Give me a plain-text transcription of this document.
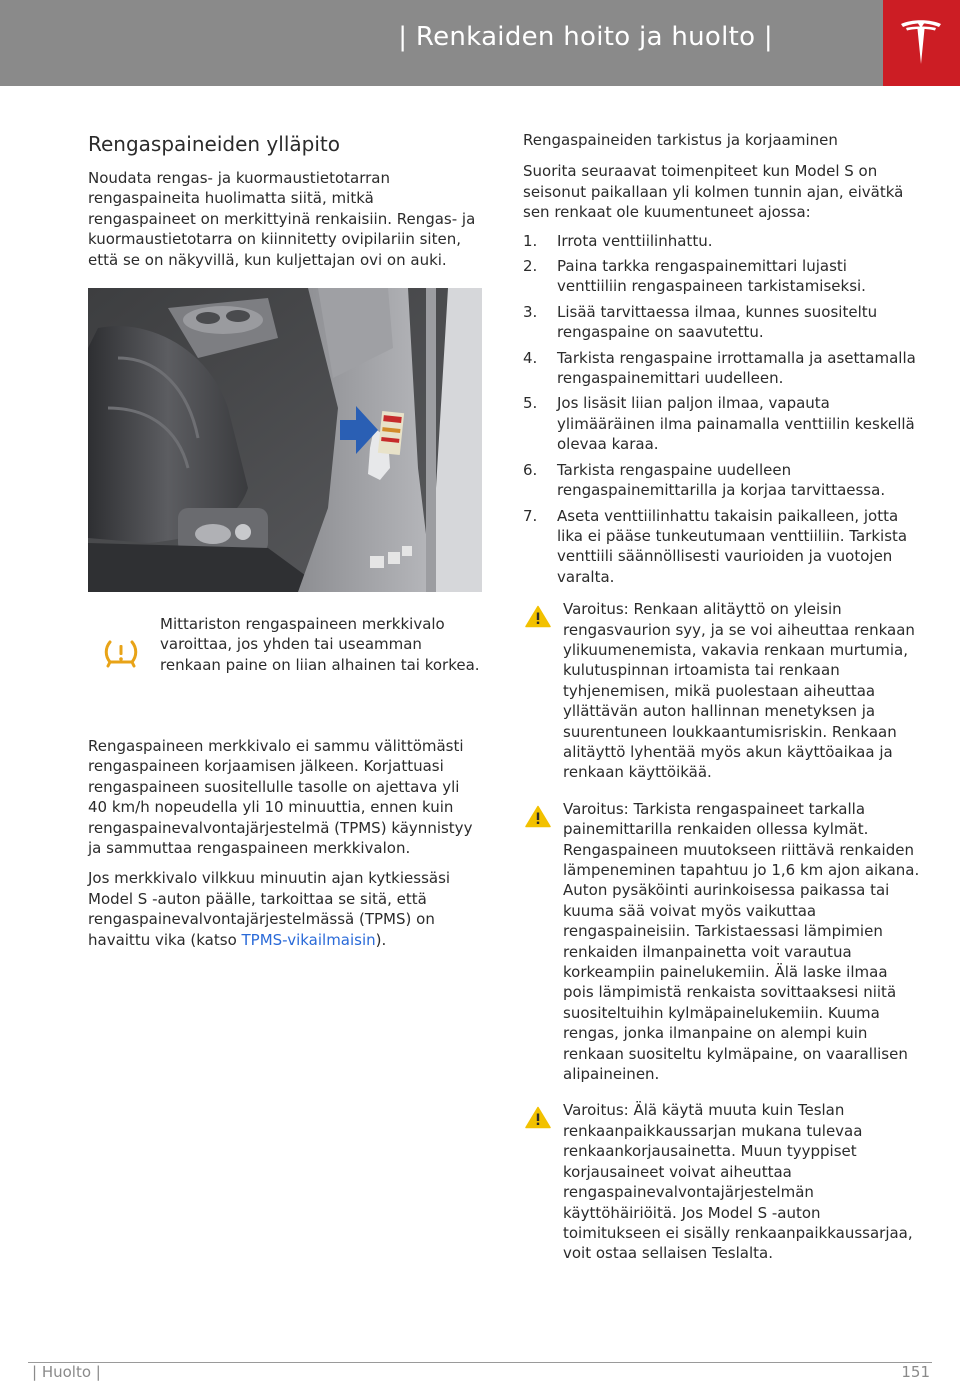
| Renkaiden hoito ja huolto |
Rengaspaineiden ylläpito

Noudata rengas- ja kuormaustietotarran rengaspaineita huolimatta siitä, mitkä rengaspaineet on merkittyinä renkaisiin. Rengas- ja kuormaustietotarra on kiinnitetty ovipilariin siten, että se on näkyvillä, kun kuljettajan ovi on auki.

Mittariston rengaspaineen merkkivalo varoittaa, jos yhden tai useamman renkaan paine on liian alhainen tai korkea.

Rengaspaineen merkkivalo ei sammu välittömästi rengaspaineen korjaamisen jälkeen. Korjattuasi rengaspaineen suositellulle tasolle on ajettava yli 40 km/h nopeudella yli 10 minuuttia, ennen kuin rengaspainevalvontajärjestelmä (TPMS) käynnistyy ja sammuttaa rengaspaineen merkkivalon.

Jos merkkivalo vilkkuu minuutin ajan kytkiessäsi Model S -auton päälle, tarkoittaa se sitä, että rengaspainevalvontajärjestelmässä (TPMS) on havaittu vika (katso TPMS-vikailmaisin).

Rengaspaineiden tarkistus ja korjaaminen

Suorita seuraavat toimenpiteet kun Model S on seisonut paikallaan yli kolmen tunnin ajan, eivätkä sen renkaat ole kuumentuneet ajossa:

1. Irrota venttiilinhattu.
2. Paina tarkka rengaspainemittari lujasti venttiiliin rengaspaineen tarkistamiseksi.
3. Lisää tarvittaessa ilmaa, kunnes suositeltu rengaspaine on saavutettu.
4. Tarkista rengaspaine irrottamalla ja asettamalla rengaspainemittari uudelleen.
5. Jos lisäsit liian paljon ilmaa, vapauta ylimääräinen ilma painamalla venttiilin keskellä olevaa karaa.
6. Tarkista rengaspaine uudelleen rengaspainemittarilla ja korjaa tarvittaessa.
7. Aseta venttiilinhattu takaisin paikalleen, jotta lika ei pääse tunkeutumaan venttiiliin. Tarkista venttiili säännöllisesti vaurioiden ja vuotojen varalta.
Varoitus: Renkaan alitäyttö on yleisin rengasvaurion syy, ja se voi aiheuttaa renkaan ylikuumenemista, vakavia renkaan murtumia, kulutuspinnan irtoamista tai renkaan tyhjenemisen, mikä puolestaan aiheuttaa yllättävän auton hallinnan menetyksen ja suurentuneen loukkaantumisriskin. Renkaan alitäyttö lyhentää myös akun käyttöaikaa ja renkaan käyttöikää.
Varoitus: Tarkista rengaspaineet tarkalla painemittarilla renkaiden ollessa kylmät. Rengaspaineen muutokseen riittävä renkaiden lämpeneminen tapahtuu jo 1,6 km ajon aikana. Auton pysäköinti aurinkoisessa paikassa tai kuuma sää voivat myös vaikuttaa rengaspaineisiin. Tarkistaessasi lämpimien renkaiden ilmanpainetta voit varautua korkeampiin painelukemiin. Älä laske ilmaa pois lämpimistä renkaista sovittaaksesi niitä suositeltuihin kylmäpainelukemiin. Kuuma rengas, jonka ilmanpaine on alempi kuin renkaan suositeltu kylmäpaine, on vaarallisen alipaineinen.
Varoitus: Älä käytä muuta kuin Teslan renkaanpaikkaussarjan mukana tulevaa renkaankorjausainetta. Muun tyyppiset korjausaineet voivat aiheuttaa rengaspainevalvontajärjestelmän käyttöhäiriöitä. Jos Model S -auton toimitukseen ei sisälly renkaanpaikkaussarjaa, voit ostaa sellaisen Teslalta.
| Huolto |	151
